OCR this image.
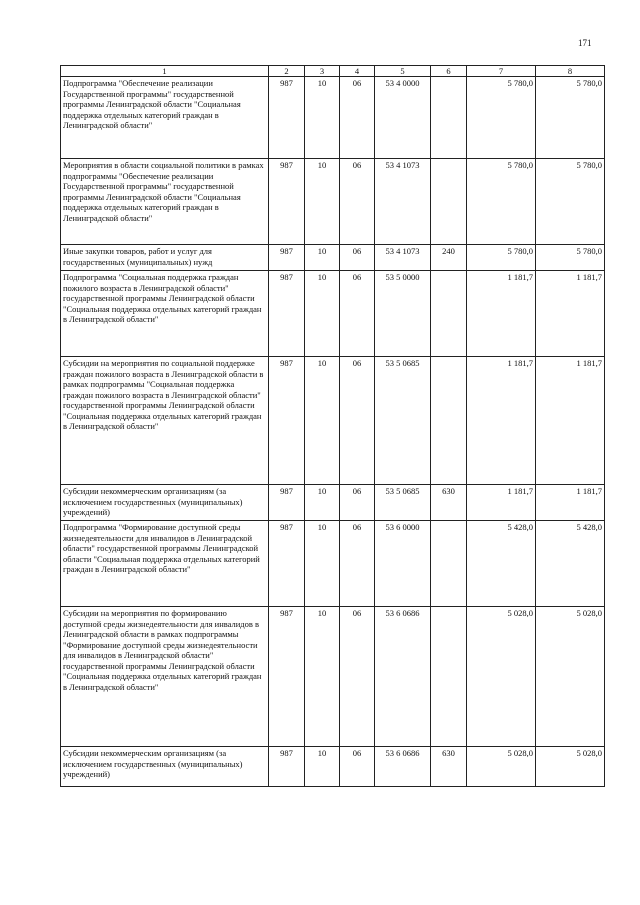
171
1	2	3	4	5	6	7	8
Подпрограмма "Обеспечение реализации Государственной программы" государственной программы Ленинградской области "Социальная поддержка отдельных категорий граждан в Ленинградской области"	987	10	06	53 4 0000		5 780,0	5 780,0
Мероприятия в области социальной политики в рамках подпрограммы "Обеспечение реализации Государственной программы" государственной программы Ленинградской области "Социальная поддержка отдельных категорий граждан в Ленинградской области"	987	10	06	53 4 1073		5 780,0	5 780,0
Иные закупки товаров, работ и услуг для государственных (муниципальных) нужд	987	10	06	53 4 1073	240	5 780,0	5 780,0
Подпрограмма "Социальная поддержка граждан пожилого возраста в Ленинградской области" государственной программы Ленинградской области "Социальная поддержка отдельных категорий граждан в Ленинградской области"	987	10	06	53 5 0000		1 181,7	1 181,7
Субсидии на мероприятия по социальной поддержке граждан пожилого возраста в Ленинградской области в рамках подпрограммы "Социальная поддержка граждан пожилого возраста в Ленинградской области" государственной программы Ленинградской области "Социальная поддержка отдельных категорий граждан в Ленинградской области"	987	10	06	53 5 0685		1 181,7	1 181,7
Субсидии некоммерческим организациям (за исключением государственных (муниципальных) учреждений)	987	10	06	53 5 0685	630	1 181,7	1 181,7
Подпрограмма "Формирование доступной среды жизнедеятельности для инвалидов в Ленинградской области" государственной программы Ленинградской области "Социальная поддержка отдельных категорий граждан в Ленинградской области"	987	10	06	53 6 0000		5 428,0	5 428,0
Субсидии на мероприятия по формированию доступной среды жизнедеятельности для инвалидов в Ленинградской области в рамках подпрограммы "Формирование доступной среды жизнедеятельности для инвалидов в Ленинградской области" государственной программы Ленинградской области "Социальная поддержка отдельных категорий граждан в Ленинградской области"	987	10	06	53 6 0686		5 028,0	5 028,0
Субсидии некоммерческим организациям (за исключением государственных (муниципальных) учреждений)	987	10	06	53 6 0686	630	5 028,0	5 028,0
